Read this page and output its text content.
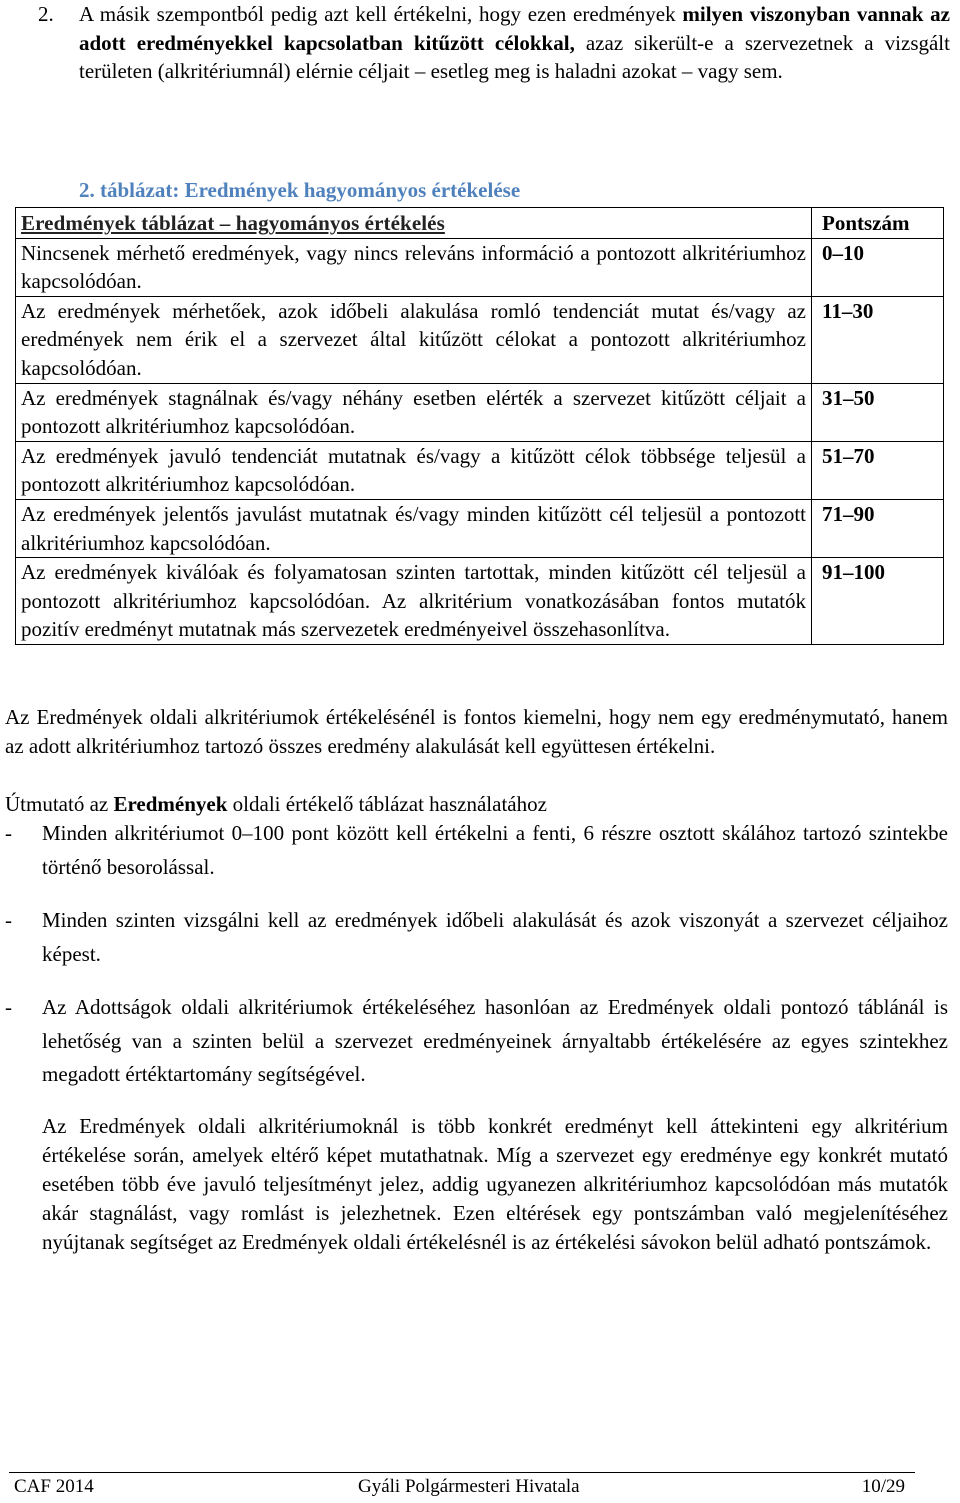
2. A másik szempontból pedig azt kell értékelni, hogy ezen eredmények milyen viszonyban vannak az adott eredményekkel kapcsolatban kitűzött célokkal, azaz sikerült-e a szervezetnek a vizsgált területen (alkritériumnál) elérnie céljait – esetleg meg is haladni azokat – vagy sem.
2. táblázat: Eredmények hagyományos értékelése
Eredmények táblázat – hagyományos értékelés	Pontszám
Nincsenek mérhető eredmények, vagy nincs releváns információ a pontozott alkritériumhoz kapcsolódóan.	0–10
Az eredmények mérhetőek, azok időbeli alakulása romló tendenciát mutat és/vagy az eredmények nem érik el a szervezet által kitűzött célokat a pontozott alkritériumhoz kapcsolódóan.	11–30
Az eredmények stagnálnak és/vagy néhány esetben elérték a szervezet kitűzött céljait a pontozott alkritériumhoz kapcsolódóan.	31–50
Az eredmények javuló tendenciát mutatnak és/vagy a kitűzött célok többsége teljesül a pontozott alkritériumhoz kapcsolódóan.	51–70
Az eredmények jelentős javulást mutatnak és/vagy minden kitűzött cél teljesül a pontozott alkritériumhoz kapcsolódóan.	71–90
Az eredmények kiválóak és folyamatosan szinten tartottak, minden kitűzött cél teljesül a pontozott alkritériumhoz kapcsolódóan. Az alkritérium vonatkozásában fontos mutatók pozitív eredményt mutatnak más szervezetek eredményeivel összehasonlítva.	91–100
Az Eredmények oldali alkritériumok értékelésénél is fontos kiemelni, hogy nem egy eredménymutató, hanem az adott alkritériumhoz tartozó összes eredmény alakulását kell együttesen értékelni.
Útmutató az Eredmények oldali értékelő táblázat használatához
- Minden alkritériumot 0–100 pont között kell értékelni a fenti, 6 részre osztott skálához tartozó szintekbe történő besorolással.
- Minden szinten vizsgálni kell az eredmények időbeli alakulását és azok viszonyát a szervezet céljaihoz képest.
- Az Adottságok oldali alkritériumok értékeléséhez hasonlóan az Eredmények oldali pontozó táblánál is lehetőség van a szinten belül a szervezet eredményeinek árnyaltabb értékelésére az egyes szintekhez megadott értéktartomány segítségével.
Az Eredmények oldali alkritériumoknál is több konkrét eredményt kell áttekinteni egy alkritérium értékelése során, amelyek eltérő képet mutathatnak. Míg a szervezet egy eredménye egy konkrét mutató esetében több éve javuló teljesítményt jelez, addig ugyanezen alkritériumhoz kapcsolódóan más mutatók akár stagnálást, vagy romlást is jelezhetnek. Ezen eltérések egy pontszámban való megjelenítéséhez nyújtanak segítséget az Eredmények oldali értékelésnél is az értékelési sávokon belül adható pontszámok.
CAF 2014	Gyáli Polgármesteri Hivatala	10/29
